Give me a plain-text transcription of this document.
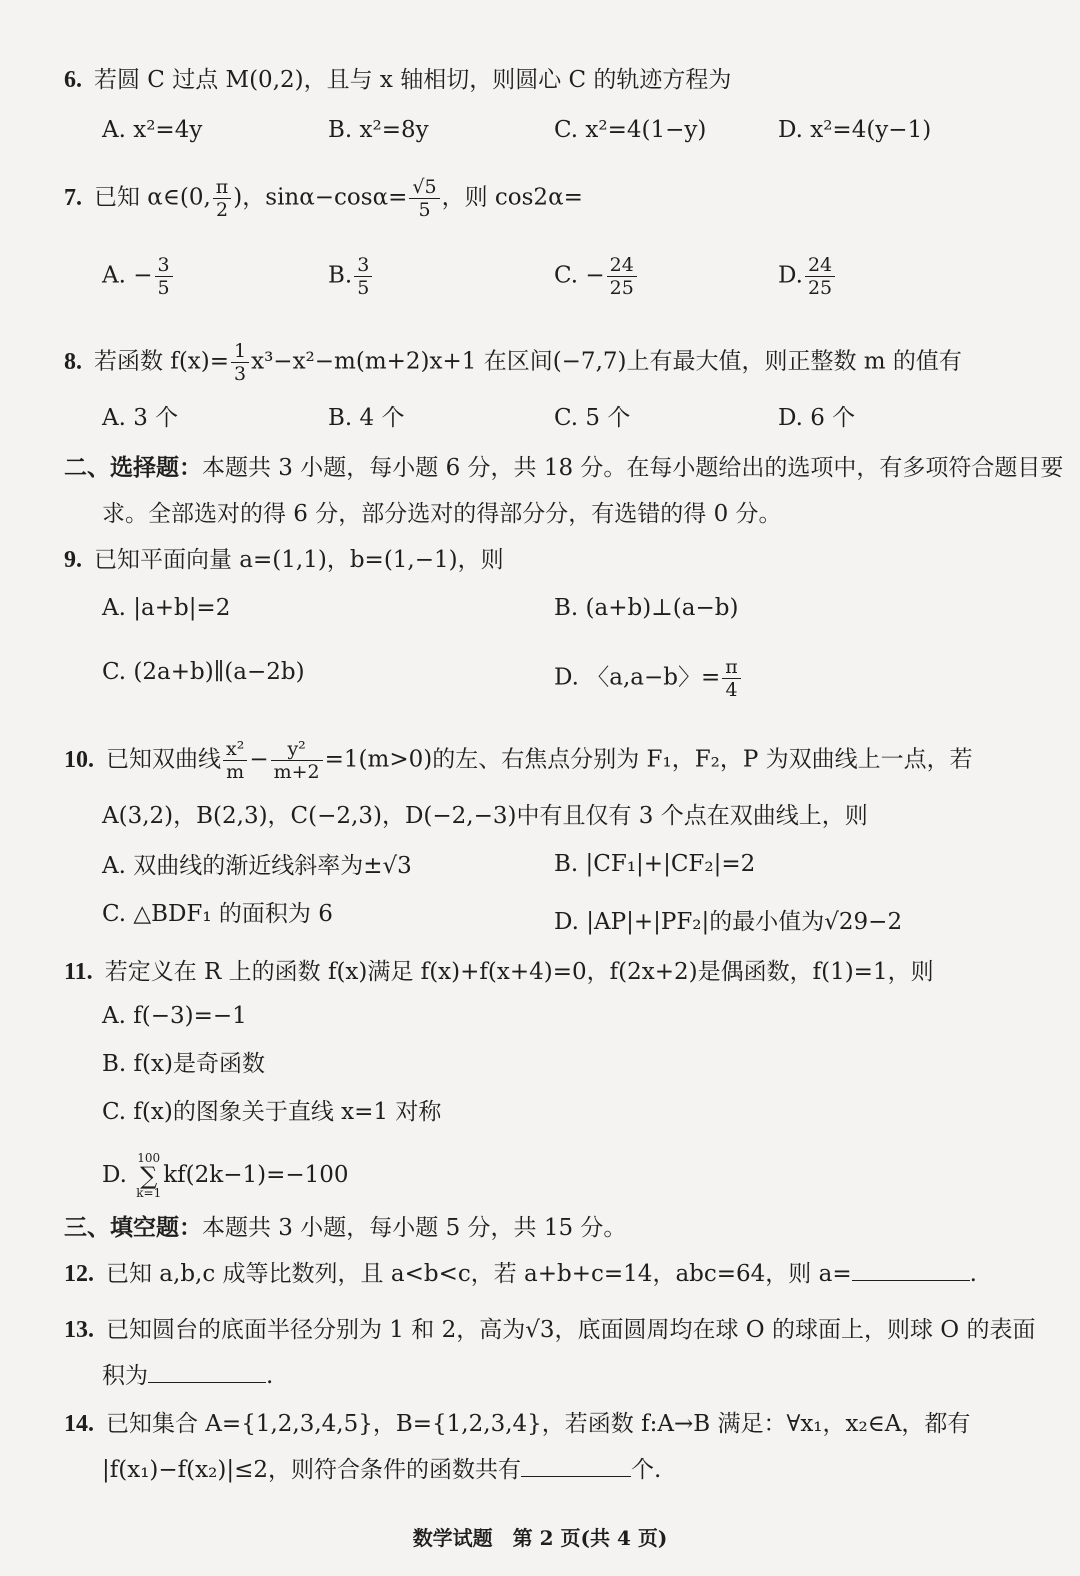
6. 若圆 C 过点 M(0,2)，且与 x 轴相切，则圆心 C 的轨迹方程为
A. x²=4y	B. x²=8y	C. x²=4(1−y)	D. x²=4(y−1)
7. 已知 α∈(0, $\frac{\pi}{2}$ )，$\sin\alpha-\cos\alpha= \frac{√5}{5}$ ，则 cos2α=
A. − $\frac{3}{5}$	B. $\frac{3}{5}$	C. − $\frac{24}{25}$	D. $\frac{24}{25}$
8. 若函数 $f(x)= \frac{1}{3} x^3-x^2-m(m+2)x+1$ 在区间(−7,7)上有最大值，则正整数 m 的值有
A. 3 个	B. 4 个	C. 5 个	D. 6 个
二、选择题：本题共 3 小题，每小题 6 分，共 18 分。在每小题给出的选项中，有多项符合题目要
求。全部选对的得 6 分，部分选对的得部分分，有选错的得 0 分。
9. 已知平面向量 a=(1,1)，b=(1,−1)，则
A. |a+b|=2	B. (a+b)⊥(a−b)
C. (2a+b)∥(a−2b)	D. 〈a,a−b〉= $\frac{\pi}{4}$
10. 已知双曲线 $\frac{\text{x²}}{m} - \frac{\text{y²}}{m+2} =1(m>0)$的左、右焦点分别为 F₁，F₂，P 为双曲线上一点，若
A(3,2)，B(2,3)，C(−2,3)，D(−2,−3)中有且仅有 3 个点在双曲线上，则
A. 双曲线的渐近线斜率为±√3	B. |CF₁|+|CF₂|=2
C. △BDF₁ 的面积为 6	D. |AP|+|PF₂|的最小值为√29−2
11. 若定义在 R 上的函数 f(x)满足 f(x)+f(x+4)=0，f(2x+2)是偶函数，f(1)=1，则
A. f(−3)=−1
B. f(x)是奇函数
C. f(x)的图象关于直线 x=1 对称
D. 100
∑
k=1kf(2k−1)=−100
三、填空题：本题共 3 小题，每小题 5 分，共 15 分。
12. 已知 a,b,c 成等比数列，且 a<b<c，若 a+b+c=14，abc=64，则 a=	.
13. 已知圆台的底面半径分别为 1 和 2，高为√3，底面圆周均在球 O 的球面上，则球 O 的表面
积为	.
14. 已知集合 A={1,2,3,4,5}，B={1,2,3,4}，若函数 f:A→B 满足：∀x₁，x₂∈A，都有
|f(x₁)−f(x₂)|≤2，则符合条件的函数共有	个.
数学试题　第 2 页(共 4 页)
